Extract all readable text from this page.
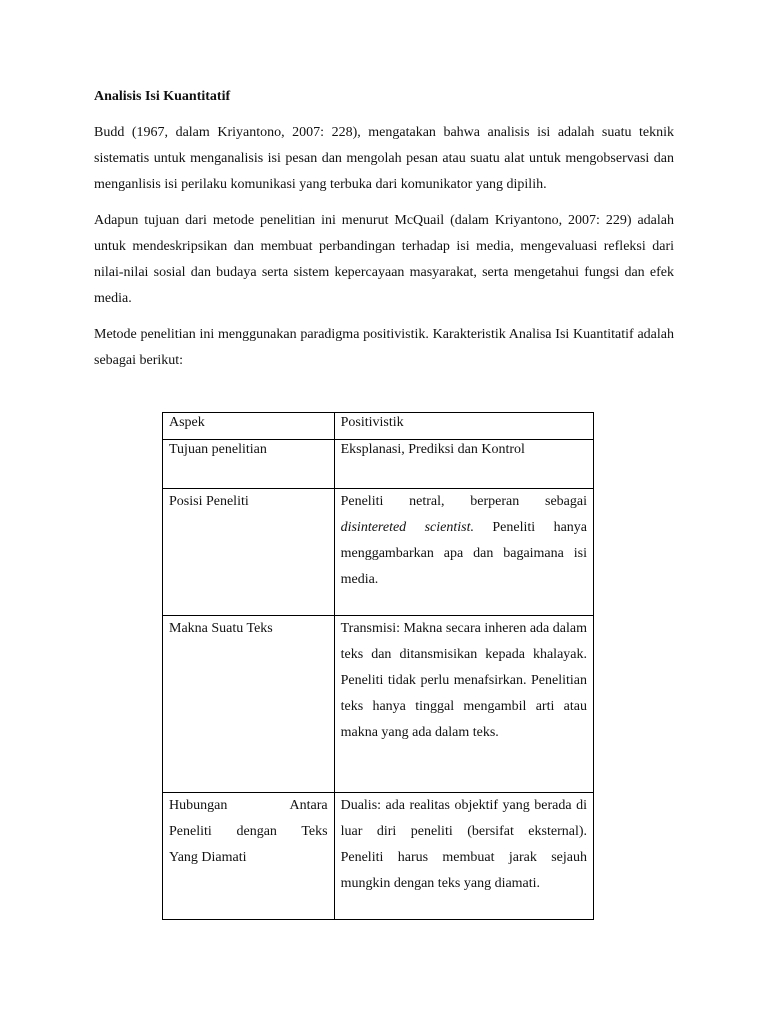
Analisis Isi Kuantitatif

Budd (1967, dalam Kriyantono, 2007: 228), mengatakan bahwa analisis isi adalah suatu teknik sistematis untuk menganalisis isi pesan dan mengolah pesan atau suatu alat untuk mengobservasi dan menganlisis isi perilaku komunikasi yang terbuka dari komunikator yang dipilih.

Adapun tujuan dari metode penelitian ini menurut McQuail (dalam Kriyantono, 2007: 229) adalah untuk mendeskripsikan dan membuat perbandingan terhadap isi media, mengevaluasi refleksi dari nilai-nilai sosial dan budaya serta sistem kepercayaan masyarakat, serta mengetahui fungsi dan efek media.

Metode penelitian ini menggunakan paradigma positivistik. Karakteristik Analisa Isi Kuantitatif adalah sebagai berikut:

Aspek	Positivistik
Tujuan penelitian	Eksplanasi, Prediksi dan Kontrol
Posisi Peneliti	Peneliti netral, berperan sebagai
disintereted scientist. Peneliti hanya menggambarkan apa dan bagaimana isi media.
Makna Suatu Teks	Transmisi: Makna secara inheren ada dalam teks dan ditansmisikan kepada khalayak. Peneliti tidak perlu menafsirkan. Penelitian teks hanya tinggal mengambil arti atau makna yang ada dalam teks.

Hubungan Antara
Peneliti dengan Teks
Yang Diamati	Dualis: ada realitas objektif yang berada di luar diri peneliti (bersifat eksternal). Peneliti harus membuat jarak sejauh mungkin dengan teks yang diamati.
